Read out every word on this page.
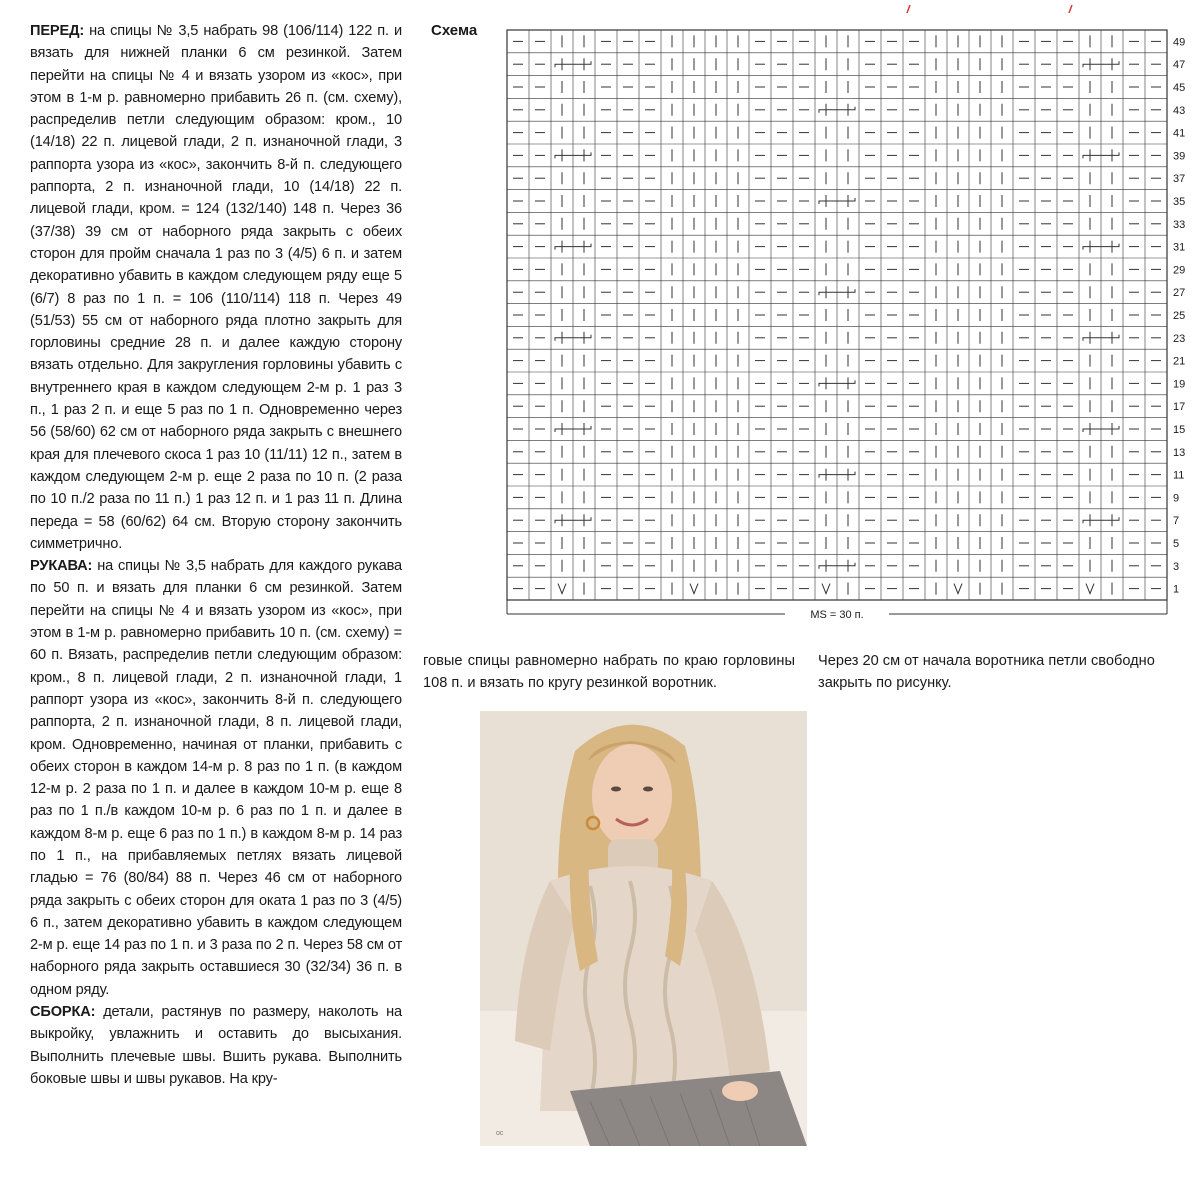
ПЕРЕД: на спицы № 3,5 набрать 98 (106/114) 122 п. и вязать для нижней планки 6 см резинкой. Затем перейти на спицы № 4 и вязать узором из «кос», при этом в 1-м р. равномерно прибавить 26 п. (см. схему), распределив петли следующим образом: кром., 10 (14/18) 22 п. лицевой глади, 2 п. изнаночной глади, 3 раппорта узора из «кос», закончить 8-й п. следующего раппорта, 2 п. изнаночной глади, 10 (14/18) 22 п. лицевой глади, кром. = 124 (132/140) 148 п. Через 36 (37/38) 39 см от наборного ряда закрыть с обеих сторон для пройм сначала 1 раз по 3 (4/5) 6 п. и затем декоративно убавить в каждом следующем ряду еще 5 (6/7) 8 раз по 1 п. = 106 (110/114) 118 п. Через 49 (51/53) 55 см от наборного ряда плотно закрыть для горловины средние 28 п. и далее каждую сторону вязать отдельно. Для закругления горловины убавить с внутреннего края в каждом следующем 2-м р. 1 раз 3 п., 1 раз 2 п. и еще 5 раз по 1 п. Одновременно через 56 (58/60) 62 см от наборного ряда закрыть с внешнего края для плечевого скоса 1 раз 10 (11/11) 12 п., затем в каждом следующем 2-м р. еще 2 раза по 10 п. (2 раза по 10 п./2 раза по 11 п.) 1 раз 12 п. и 1 раз 11 п. Длина переда = 58 (60/62) 64 см. Вторую сторону закончить симметрично.

РУКАВА: на спицы № 3,5 набрать для каждого рукава по 50 п. и вязать для планки 6 см резинкой. Затем перейти на спицы № 4 и вязать узором из «кос», при этом в 1-м р. равномерно прибавить 10 п. (см. схему) = 60 п. Вязать, распределив петли следующим образом: кром., 8 п. лицевой глади, 2 п. изнаночной глади, 1 раппорт узора из «кос», закончить 8-й п. следующего раппорта, 2 п. изнаночной глади, 8 п. лицевой глади, кром. Одновременно, начиная от планки, прибавить с обеих сторон в каждом 14-м р. 8 раз по 1 п. (в каждом 12-м р. 2 раза по 1 п. и далее в каждом 10-м р. еще 8 раз по 1 п./в каждом 10-м р. 6 раз по 1 п. и далее в каждом 8-м р. еще 6 раз по 1 п.) в каждом 8-м р. 14 раз по 1 п., на прибавляемых петлях вязать лицевой гладью = 76 (80/84) 88 п. Через 46 см от наборного ряда закрыть с обеих сторон для оката 1 раз по 3 (4/5) 6 п., затем декоративно убавить в каждом следующем 2-м р. еще 14 раз по 1 п. и 3 раза по 2 п. Через 58 см от наборного ряда закрыть оставшиеся 30 (32/34) 36 п. в одном ряду.

СБОРКА: детали, растянув по размеру, наколоть на выкройку, увлажнить и оставить до высыхания. Выполнить плечевые швы. Вшить рукава. Выполнить боковые швы и швы рукавов. На кру-

Схема
49
47
45
43
41
39
37
35
33
31
29
27
25
23
21
19
17
15
13
11
9
7
5
3
1
MS = 30 п.

говые спицы равномерно набрать по краю горловины 108 п. и вязать по кругу резинкой воротник.

Через 20 см от начала воротника петли свободно закрыть по рисунку.

ос
